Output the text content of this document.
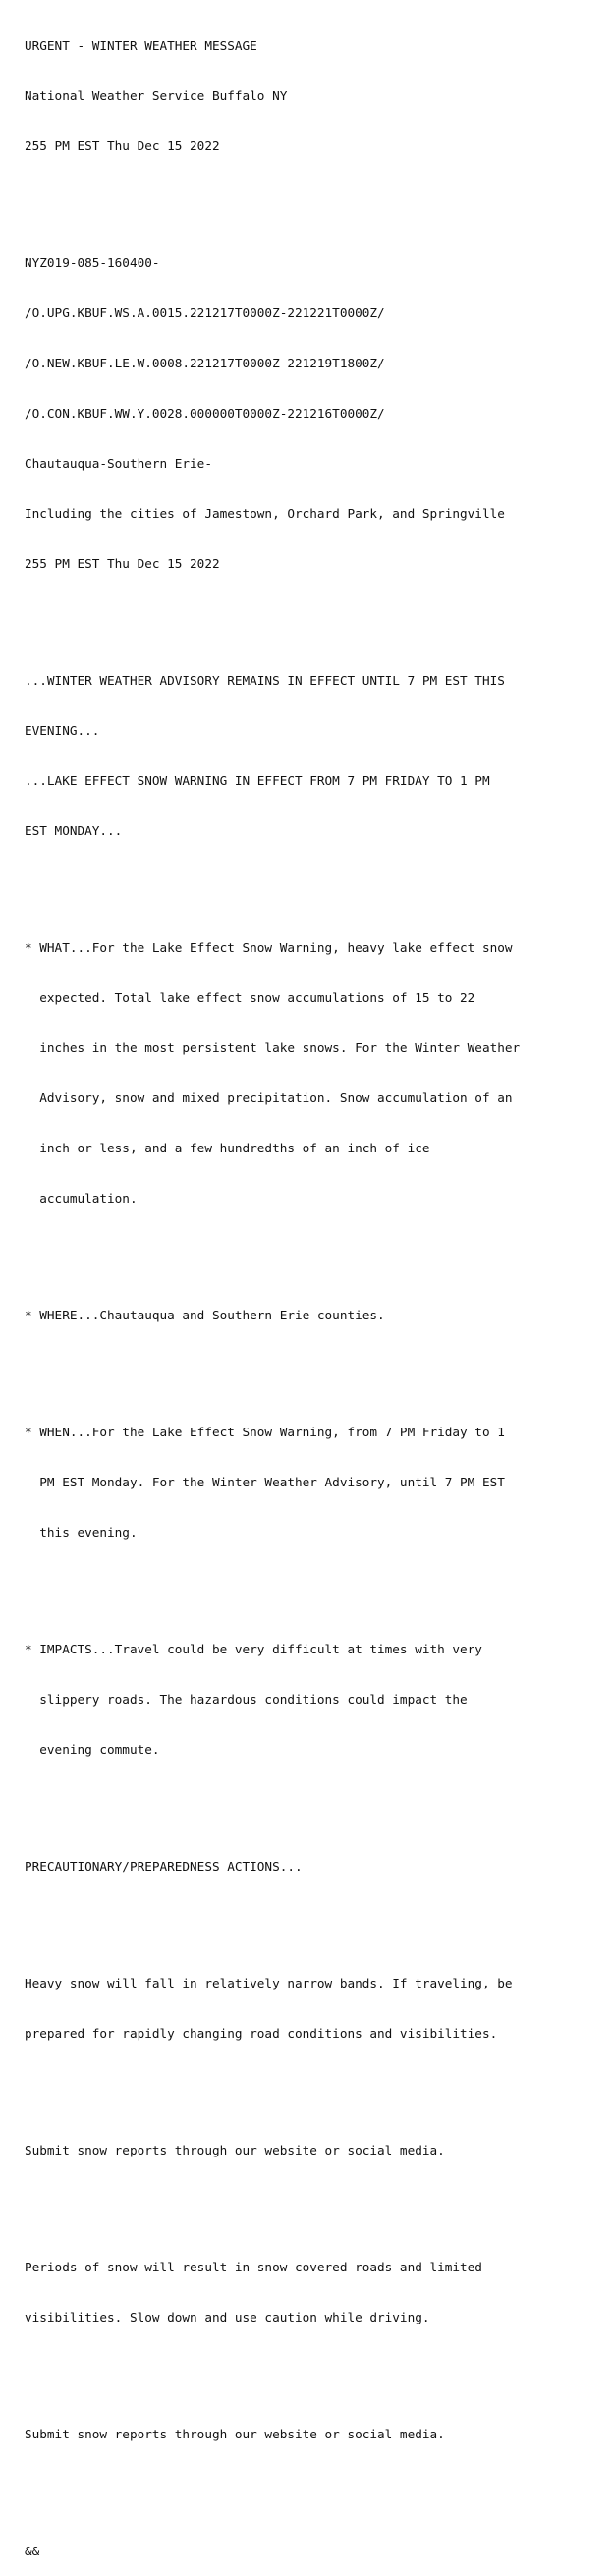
URGENT - WINTER WEATHER MESSAGE

National Weather Service Buffalo NY

255 PM EST Thu Dec 15 2022

NYZ019-085-160400-

/O.UPG.KBUF.WS.A.0015.221217T0000Z-221221T0000Z/

/O.NEW.KBUF.LE.W.0008.221217T0000Z-221219T1800Z/

/O.CON.KBUF.WW.Y.0028.000000T0000Z-221216T0000Z/

Chautauqua-Southern Erie-

Including the cities of Jamestown, Orchard Park, and Springville

255 PM EST Thu Dec 15 2022

...WINTER WEATHER ADVISORY REMAINS IN EFFECT UNTIL 7 PM EST THIS

EVENING...

...LAKE EFFECT SNOW WARNING IN EFFECT FROM 7 PM FRIDAY TO 1 PM

EST MONDAY...

* WHAT...For the Lake Effect Snow Warning, heavy lake effect snow

expected. Total lake effect snow accumulations of 15 to 22

inches in the most persistent lake snows. For the Winter Weather

Advisory, snow and mixed precipitation. Snow accumulation of an

inch or less, and a few hundredths of an inch of ice

accumulation.

* WHERE...Chautauqua and Southern Erie counties.

* WHEN...For the Lake Effect Snow Warning, from 7 PM Friday to 1

PM EST Monday. For the Winter Weather Advisory, until 7 PM EST

this evening.

* IMPACTS...Travel could be very difficult at times with very

slippery roads. The hazardous conditions could impact the

evening commute.

PRECAUTIONARY/PREPAREDNESS ACTIONS...

Heavy snow will fall in relatively narrow bands. If traveling, be

prepared for rapidly changing road conditions and visibilities.

Submit snow reports through our website or social media.

Periods of snow will result in snow covered roads and limited

visibilities. Slow down and use caution while driving.

Submit snow reports through our website or social media.

&&
